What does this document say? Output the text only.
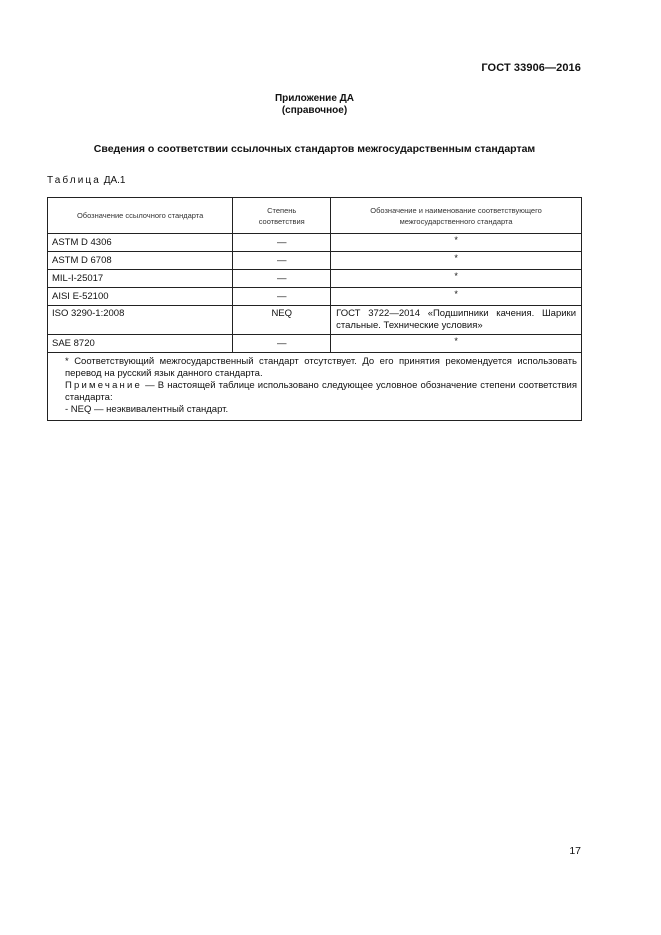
ГОСТ 33906—2016
Приложение ДА
(справочное)
Сведения о соответствии ссылочных стандартов межгосударственным стандартам
Таблица ДА.1
Обозначение ссылочного стандарта	Степень соответствия	Обозначение и наименование соответствующего межгосударственного стандарта

ASTM D 4306	—	*
ASTM D 6708	—	*
MIL-I-25017	—	*
AISI E-52100	—	*
ISO 3290-1:2008	NEQ	ГОСТ 3722—2014 «Подшипники качения. Шарики стальные. Технические условия»
SAE 8720	—	*

* Соответствующий межгосударственный стандарт отсутствует. До его принятия рекомендуется использовать перевод на русский язык данного стандарта.

Примечание — В настоящей таблице использовано следующее условное обозначение степени соответствия стандарта:

- NEQ — неэквивалентный стандарт.		

17
